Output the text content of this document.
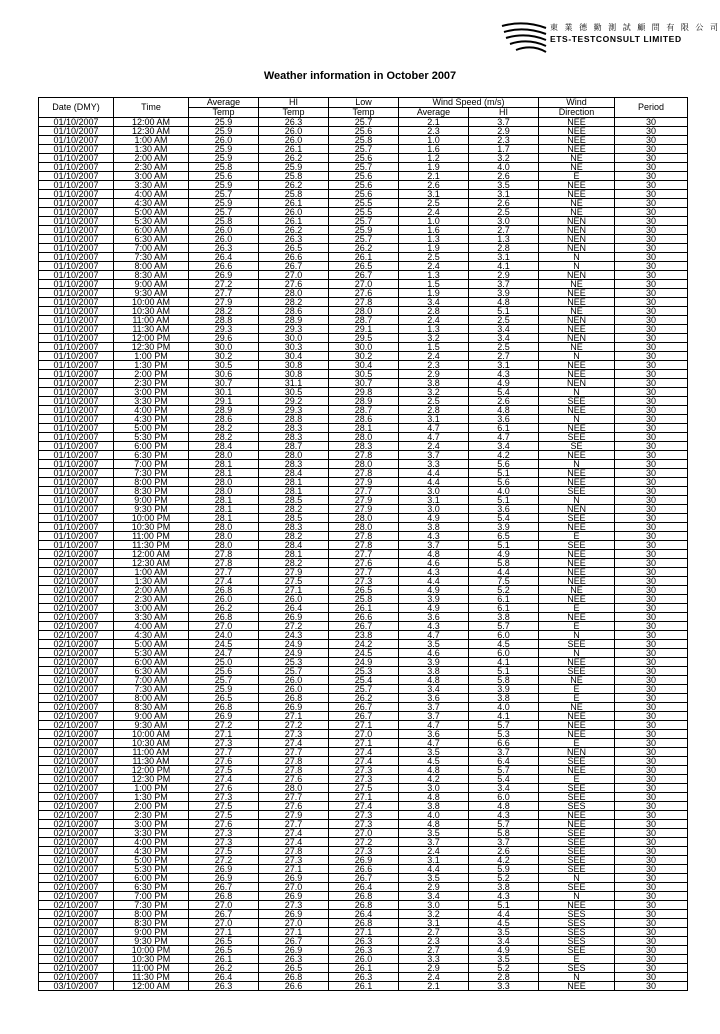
東 業 德 勤 測 試 顧 問 有 限 公 司
ETS-TESTCONSULT LIMITED
Weather information in October 2007
Date (DMY)	Time	Average	HI	Low	Wind Speed (m/s)		Wind	Period
		Temp	Temp	Temp	Average	HI	Direction	
01/10/2007	12:00 AM	25.9	26.3	25.7	2.1	3.7	NEE	30
01/10/2007	12:30 AM	25.9	26.0	25.6	2.3	2.9	NEE	30
01/10/2007	1:00 AM	26.0	26.0	25.8	1.0	2.3	NEE	30
01/10/2007	1:30 AM	25.9	26.1	25.7	1.6	1.7	NEE	30
01/10/2007	2:00 AM	25.9	26.2	25.6	1.2	3.2	NE	30
01/10/2007	2:30 AM	25.8	25.9	25.7	1.9	4.0	NE	30
01/10/2007	3:00 AM	25.6	25.8	25.6	2.1	2.6	E	30
01/10/2007	3:30 AM	25.9	26.2	25.6	2.6	3.5	NEE	30
01/10/2007	4:00 AM	25.7	25.8	25.6	3.1	3.1	NEE	30
01/10/2007	4:30 AM	25.9	26.1	25.5	2.5	2.6	NE	30
01/10/2007	5:00 AM	25.7	26.0	25.5	2.4	2.5	NE	30
01/10/2007	5:30 AM	25.8	26.1	25.7	1.0	3.0	NEN	30
01/10/2007	6:00 AM	26.0	26.2	25.9	1.6	2.7	NEN	30
01/10/2007	6:30 AM	26.0	26.3	25.7	1.3	1.3	NEN	30
01/10/2007	7:00 AM	26.3	26.5	26.2	1.9	2.8	NEN	30
01/10/2007	7:30 AM	26.4	26.6	26.1	2.5	3.1	N	30
01/10/2007	8:00 AM	26.6	26.7	26.5	2.4	4.1	N	30
01/10/2007	8:30 AM	26.9	27.0	26.7	1.3	2.9	NEN	30
01/10/2007	9:00 AM	27.2	27.6	27.0	1.5	3.7	NE	30
01/10/2007	9:30 AM	27.7	28.0	27.6	1.9	3.9	NEE	30
01/10/2007	10:00 AM	27.9	28.2	27.8	3.4	4.8	NEE	30
01/10/2007	10:30 AM	28.2	28.6	28.0	2.8	5.1	NE	30
01/10/2007	11:00 AM	28.8	28.9	28.7	2.4	2.5	NEN	30
01/10/2007	11:30 AM	29.3	29.3	29.1	1.3	3.4	NEE	30
01/10/2007	12:00 PM	29.6	30.0	29.5	3.2	3.4	NEN	30
01/10/2007	12:30 PM	30.0	30.3	30.0	1.5	2.5	NE	30
01/10/2007	1:00 PM	30.2	30.4	30.2	2.4	2.7	N	30
01/10/2007	1:30 PM	30.5	30.8	30.4	2.3	3.1	NEE	30
01/10/2007	2:00 PM	30.6	30.8	30.5	2.9	4.3	NEE	30
01/10/2007	2:30 PM	30.7	31.1	30.7	3.8	4.9	NEN	30
01/10/2007	3:00 PM	30.1	30.5	29.8	3.2	5.4	N	30
01/10/2007	3:30 PM	29.1	29.2	28.9	2.5	2.6	SEE	30
01/10/2007	4:00 PM	28.9	29.3	28.7	2.8	4.8	NEE	30
01/10/2007	4:30 PM	28.6	28.8	28.6	3.1	3.6	N	30
01/10/2007	5:00 PM	28.2	28.3	28.1	4.7	6.1	NEE	30
01/10/2007	5:30 PM	28.2	28.3	28.0	4.7	4.7	SEE	30
01/10/2007	6:00 PM	28.4	28.7	28.3	2.4	3.4	SE	30
01/10/2007	6:30 PM	28.0	28.0	27.8	3.7	4.2	NEE	30
01/10/2007	7:00 PM	28.1	28.3	28.0	3.3	5.6	N	30
01/10/2007	7:30 PM	28.1	28.4	27.8	4.4	5.1	NEE	30
01/10/2007	8:00 PM	28.0	28.1	27.9	4.4	5.6	NEE	30
01/10/2007	8:30 PM	28.0	28.1	27.7	3.0	4.0	SEE	30
01/10/2007	9:00 PM	28.1	28.5	27.9	3.1	5.1	N	30
01/10/2007	9:30 PM	28.1	28.2	27.9	3.0	3.6	NEN	30
01/10/2007	10:00 PM	28.1	28.5	28.0	4.9	5.4	SEE	30
01/10/2007	10:30 PM	28.0	28.3	28.0	3.8	3.9	NEE	30
01/10/2007	11:00 PM	28.0	28.2	27.8	4.3	6.5	E	30
01/10/2007	11:30 PM	28.0	28.4	27.8	3.7	5.1	SEE	30
02/10/2007	12:00 AM	27.8	28.1	27.7	4.8	4.9	NEE	30
02/10/2007	12:30 AM	27.8	28.2	27.6	4.6	5.8	NEE	30
02/10/2007	1:00 AM	27.7	27.9	27.7	4.3	4.4	NEE	30
02/10/2007	1:30 AM	27.4	27.5	27.3	4.4	7.5	NEE	30
02/10/2007	2:00 AM	26.8	27.1	26.5	4.9	5.2	NE	30
02/10/2007	2:30 AM	26.0	26.0	25.8	3.9	6.1	NEE	30
02/10/2007	3:00 AM	26.2	26.4	26.1	4.9	6.1	E	30
02/10/2007	3:30 AM	26.8	26.9	26.6	3.6	3.8	NEE	30
02/10/2007	4:00 AM	27.0	27.2	26.7	4.3	5.7	E	30
02/10/2007	4:30 AM	24.0	24.3	23.8	4.7	6.0	N	30
02/10/2007	5:00 AM	24.5	24.9	24.2	3.5	4.5	SEE	30
02/10/2007	5:30 AM	24.7	24.9	24.5	4.6	6.0	N	30
02/10/2007	6:00 AM	25.0	25.3	24.9	3.9	4.1	NEE	30
02/10/2007	6:30 AM	25.6	25.7	25.3	3.8	5.1	SEE	30
02/10/2007	7:00 AM	25.7	26.0	25.4	4.8	5.8	NE	30
02/10/2007	7:30 AM	25.9	26.0	25.7	3.4	3.9	E	30
02/10/2007	8:00 AM	26.5	26.8	26.2	3.6	3.8	E	30
02/10/2007	8:30 AM	26.8	26.9	26.7	3.7	4.0	NE	30
02/10/2007	9:00 AM	26.9	27.1	26.7	3.7	4.1	NEE	30
02/10/2007	9:30 AM	27.2	27.2	27.1	4.7	5.7	NEE	30
02/10/2007	10:00 AM	27.1	27.3	27.0	3.6	5.3	NEE	30
02/10/2007	10:30 AM	27.3	27.4	27.1	4.7	6.6	E	30
02/10/2007	11:00 AM	27.7	27.7	27.4	3.5	3.7	NEN	30
02/10/2007	11:30 AM	27.6	27.8	27.4	4.5	6.4	SEE	30
02/10/2007	12:00 PM	27.5	27.8	27.3	4.8	5.7	NEE	30
02/10/2007	12:30 PM	27.4	27.6	27.3	4.2	5.4	E	30
02/10/2007	1:00 PM	27.6	28.0	27.5	3.0	3.4	SEE	30
02/10/2007	1:30 PM	27.3	27.7	27.1	4.8	6.0	SEE	30
02/10/2007	2:00 PM	27.5	27.6	27.4	3.8	4.8	SES	30
02/10/2007	2:30 PM	27.5	27.9	27.3	4.0	4.3	NEE	30
02/10/2007	3:00 PM	27.6	27.7	27.3	4.8	5.7	NEE	30
02/10/2007	3:30 PM	27.3	27.4	27.0	3.5	5.8	SEE	30
02/10/2007	4:00 PM	27.3	27.4	27.2	3.7	3.7	SEE	30
02/10/2007	4:30 PM	27.5	27.8	27.3	2.4	2.6	SEE	30
02/10/2007	5:00 PM	27.2	27.3	26.9	3.1	4.2	SEE	30
02/10/2007	5:30 PM	26.9	27.1	26.6	4.4	5.9	SEE	30
02/10/2007	6:00 PM	26.9	26.9	26.7	3.5	5.2	N	30
02/10/2007	6:30 PM	26.7	27.0	26.4	2.9	3.8	SEE	30
02/10/2007	7:00 PM	26.8	26.9	26.8	3.4	4.3	N	30
02/10/2007	7:30 PM	27.0	27.3	26.8	3.0	5.1	NEE	30
02/10/2007	8:00 PM	26.7	26.9	26.4	3.2	4.4	SES	30
02/10/2007	8:30 PM	27.0	27.0	26.8	3.1	4.5	SES	30
02/10/2007	9:00 PM	27.1	27.1	27.1	2.7	3.5	SES	30
02/10/2007	9:30 PM	26.5	26.7	26.3	2.3	3.4	SES	30
02/10/2007	10:00 PM	26.5	26.9	26.3	2.7	4.9	SEE	30
02/10/2007	10:30 PM	26.1	26.3	26.0	3.3	3.5	E	30
02/10/2007	11:00 PM	26.2	26.5	26.1	2.9	5.2	SES	30
02/10/2007	11:30 PM	26.4	26.8	26.3	2.4	2.8	N	30
03/10/2007	12:00 AM	26.3	26.6	26.1	2.1	3.3	NEE	30
